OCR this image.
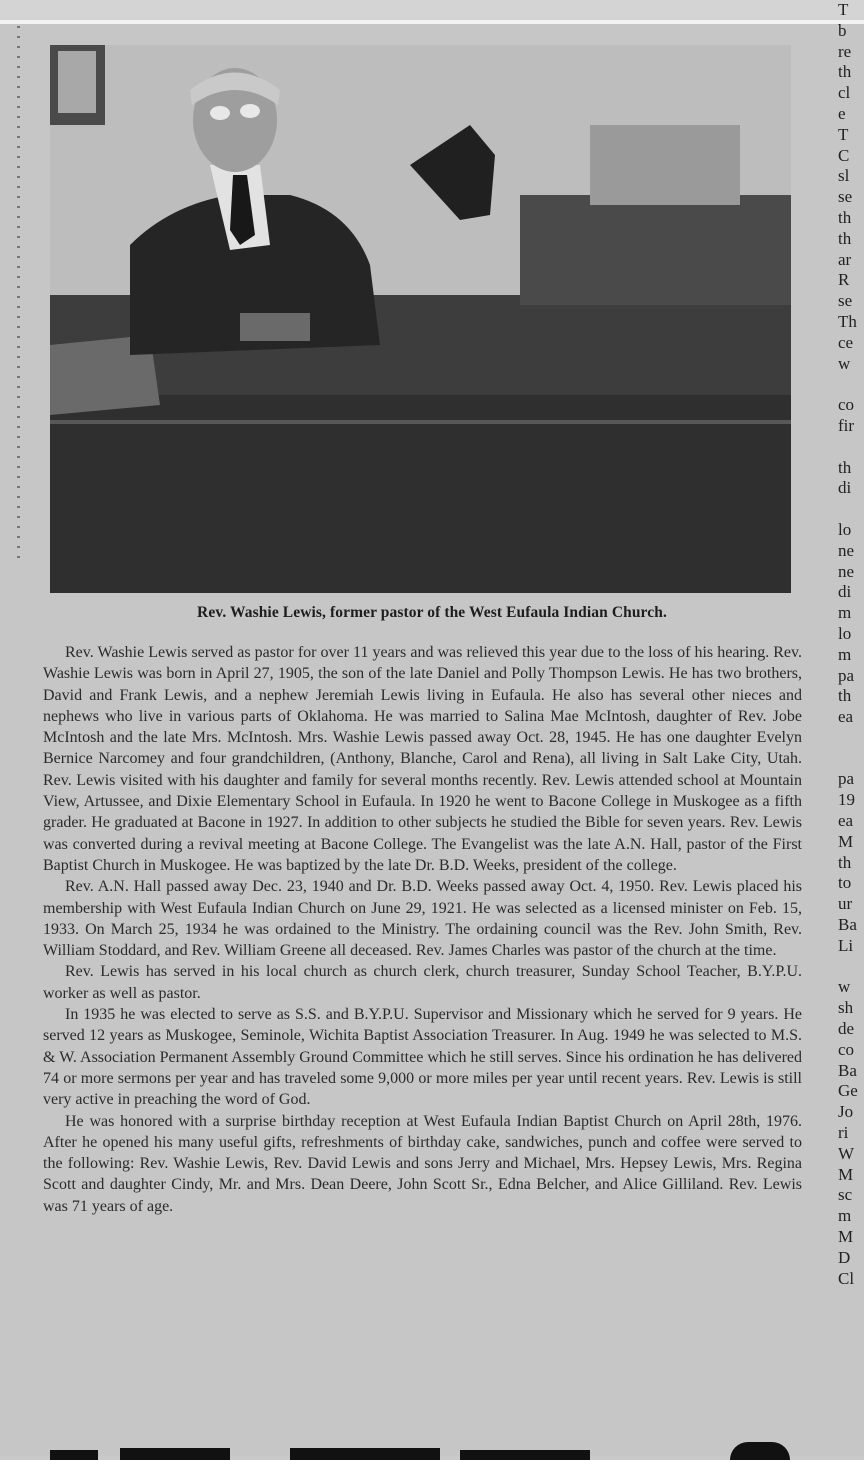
Rev. Washie Lewis, former pastor of the West Eufaula Indian Church.

Rev. Washie Lewis served as pastor for over 11 years and was relieved this year due to the loss of his hearing. Rev. Washie Lewis was born in April 27, 1905, the son of the late Daniel and Polly Thompson Lewis. He has two brothers, David and Frank Lewis, and a nephew Jeremiah Lewis living in Eufaula. He also has several other nieces and nephews who live in various parts of Oklahoma. He was married to Salina Mae McIntosh, daughter of Rev. Jobe McIntosh and the late Mrs. McIntosh. Mrs. Washie Lewis passed away Oct. 28, 1945. He has one daughter Evelyn Bernice Narcomey and four grandchildren, (Anthony, Blanche, Carol and Rena), all living in Salt Lake City, Utah. Rev. Lewis visited with his daughter and family for several months recently. Rev. Lewis attended school at Mountain View, Artussee, and Dixie Elementary School in Eufaula. In 1920 he went to Bacone College in Muskogee as a fifth grader. He graduated at Bacone in 1927. In addition to other subjects he studied the Bible for seven years. Rev. Lewis was converted during a revival meeting at Bacone College. The Evangelist was the late A.N. Hall, pastor of the First Baptist Church in Muskogee. He was baptized by the late Dr. B.D. Weeks, president of the college.

Rev. A.N. Hall passed away Dec. 23, 1940 and Dr. B.D. Weeks passed away Oct. 4, 1950. Rev. Lewis placed his membership with West Eufaula Indian Church on June 29, 1921. He was selected as a licensed minister on Feb. 15, 1933. On March 25, 1934 he was ordained to the Ministry. The ordaining council was the Rev. John Smith, Rev. William Stoddard, and Rev. William Greene all deceased. Rev. James Charles was pastor of the church at the time.

Rev. Lewis has served in his local church as church clerk, church treasurer, Sunday School Teacher, B.Y.P.U. worker as well as pastor.

In 1935 he was elected to serve as S.S. and B.Y.P.U. Supervisor and Missionary which he served for 9 years. He served 12 years as Muskogee, Seminole, Wichita Baptist Association Treasurer. In Aug. 1949 he was selected to M.S. & W. Association Permanent Assembly Ground Committee which he still serves. Since his ordination he has delivered 74 or more sermons per year and has traveled some 9,000 or more miles per year until recent years. Rev. Lewis is still very active in preaching the word of God.

He was honored with a surprise birthday reception at West Eufaula Indian Baptist Church on April 28th, 1976. After he opened his many useful gifts, refreshments of birthday cake, sandwiches, punch and coffee were served to the following: Rev. Washie Lewis, Rev. David Lewis and sons Jerry and Michael, Mrs. Hepsey Lewis, Mrs. Regina Scott and daughter Cindy, Mr. and Mrs. Dean Deere, John Scott Sr., Edna Belcher, and Alice Gilliland. Rev. Lewis was 71 years of age.

T
b
re
th
cl
e
T
C
sl
se
th
th
ar
R
se
Th
ce
w
co
fir
th
di
lo
ne
ne
di
m
lo
m
pa
th
ea
pa
19
ea
M
th
to
ur
Ba
Li
w
sh
de
co
Ba
Ge
Jo
ri
W
M
sc
m
M
D
Cl
